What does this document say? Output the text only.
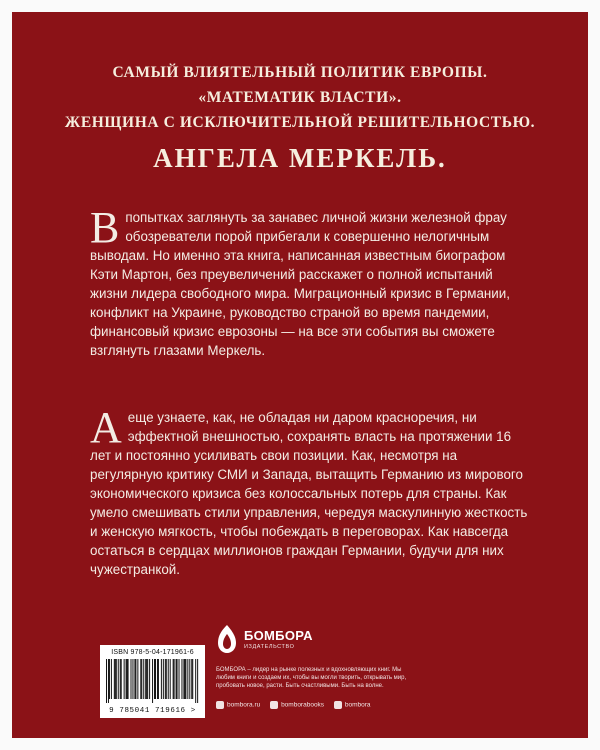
САМЫЙ ВЛИЯТЕЛЬНЫЙ ПОЛИТИК ЕВРОПЫ.
«МАТЕМАТИК ВЛАСТИ».
ЖЕНЩИНА С ИСКЛЮЧИТЕЛЬНОЙ РЕШИТЕЛЬНОСТЬЮ.
АНГЕЛА МЕРКЕЛЬ.
В попытках заглянуть за занавес личной жизни железной фрау обозреватели порой прибегали к совершенно нелогичным выводам. Но именно эта книга, написанная известным биографом Кэти Мартон, без преувеличений расскажет о полной испытаний жизни лидера свободного мира. Миграционный кризис в Германии, конфликт на Украине, руководство страной во время пандемии, финансовый кризис еврозоны — на все эти события вы сможете взглянуть глазами Меркель.
А еще узнаете, как, не обладая ни даром красноречия, ни эффектной внешностью, сохранять власть на протяжении 16 лет и постоянно усиливать свои позиции. Как, несмотря на регулярную критику СМИ и Запада, вытащить Германию из мирового экономического кризиса без колоссальных потерь для страны. Как умело смешивать стили управления, чередуя маскулинную жесткость и женскую мягкость, чтобы побеждать в переговорах. Как навсегда остаться в сердцах миллионов граждан Германии, будучи для них чужестранкой.
ISBN 978-5-04-171961-6
9 785041 719616 >
БОМБОРА
ИЗДАТЕЛЬСТВО
БОМБОРА – лидер на рынке полезных и вдохновляющих книг. Мы любим книги и создаем их, чтобы вы могли творить, открывать мир, пробовать новое, расти. Быть счастливыми. Быть на волне.
bombora.ru	bomborabooks	bombora
